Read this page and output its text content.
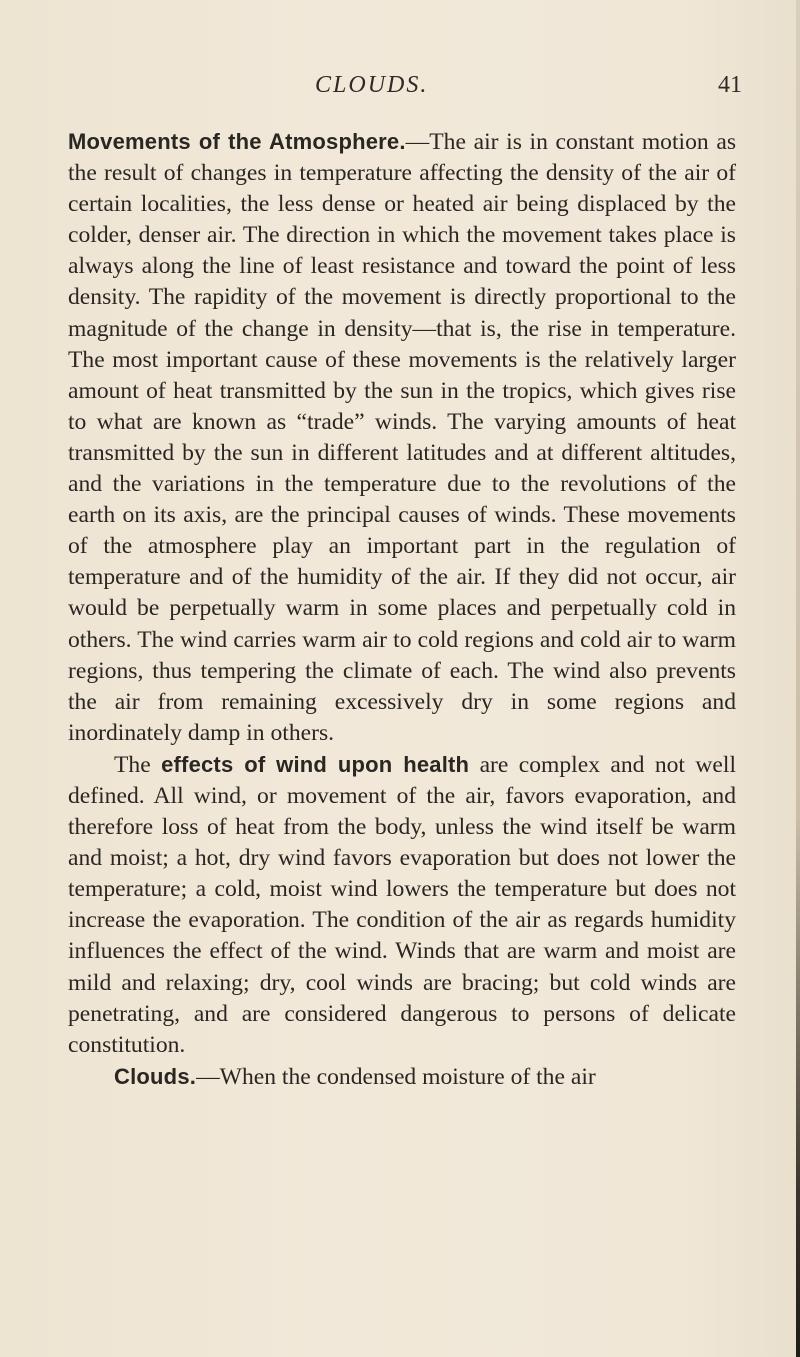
CLOUDS.	41

Movements of the Atmosphere.—The air is in constant motion as the result of changes in temperature affecting the density of the air of certain localities, the less dense or heated air being displaced by the colder, denser air. The direction in which the movement takes place is always along the line of least resistance and toward the point of less density. The rapidity of the movement is directly proportional to the magnitude of the change in density—that is, the rise in temperature. The most important cause of these movements is the relatively larger amount of heat transmitted by the sun in the tropics, which gives rise to what are known as “trade” winds. The varying amounts of heat transmitted by the sun in different latitudes and at different altitudes, and the variations in the temperature due to the revolutions of the earth on its axis, are the principal causes of winds. These movements of the atmosphere play an important part in the regulation of temperature and of the humidity of the air. If they did not occur, air would be perpetually warm in some places and perpetually cold in others. The wind carries warm air to cold regions and cold air to warm regions, thus tempering the climate of each. The wind also prevents the air from remaining excessively dry in some regions and inordinately damp in others.

The effects of wind upon health are complex and not well defined. All wind, or movement of the air, favors evaporation, and therefore loss of heat from the body, unless the wind itself be warm and moist; a hot, dry wind favors evaporation but does not lower the temperature; a cold, moist wind lowers the temperature but does not increase the evaporation. The condition of the air as regards humidity influences the effect of the wind. Winds that are warm and moist are mild and relaxing; dry, cool winds are bracing; but cold winds are penetrating, and are considered dangerous to persons of delicate constitution.

Clouds.—When the condensed moisture of the air
